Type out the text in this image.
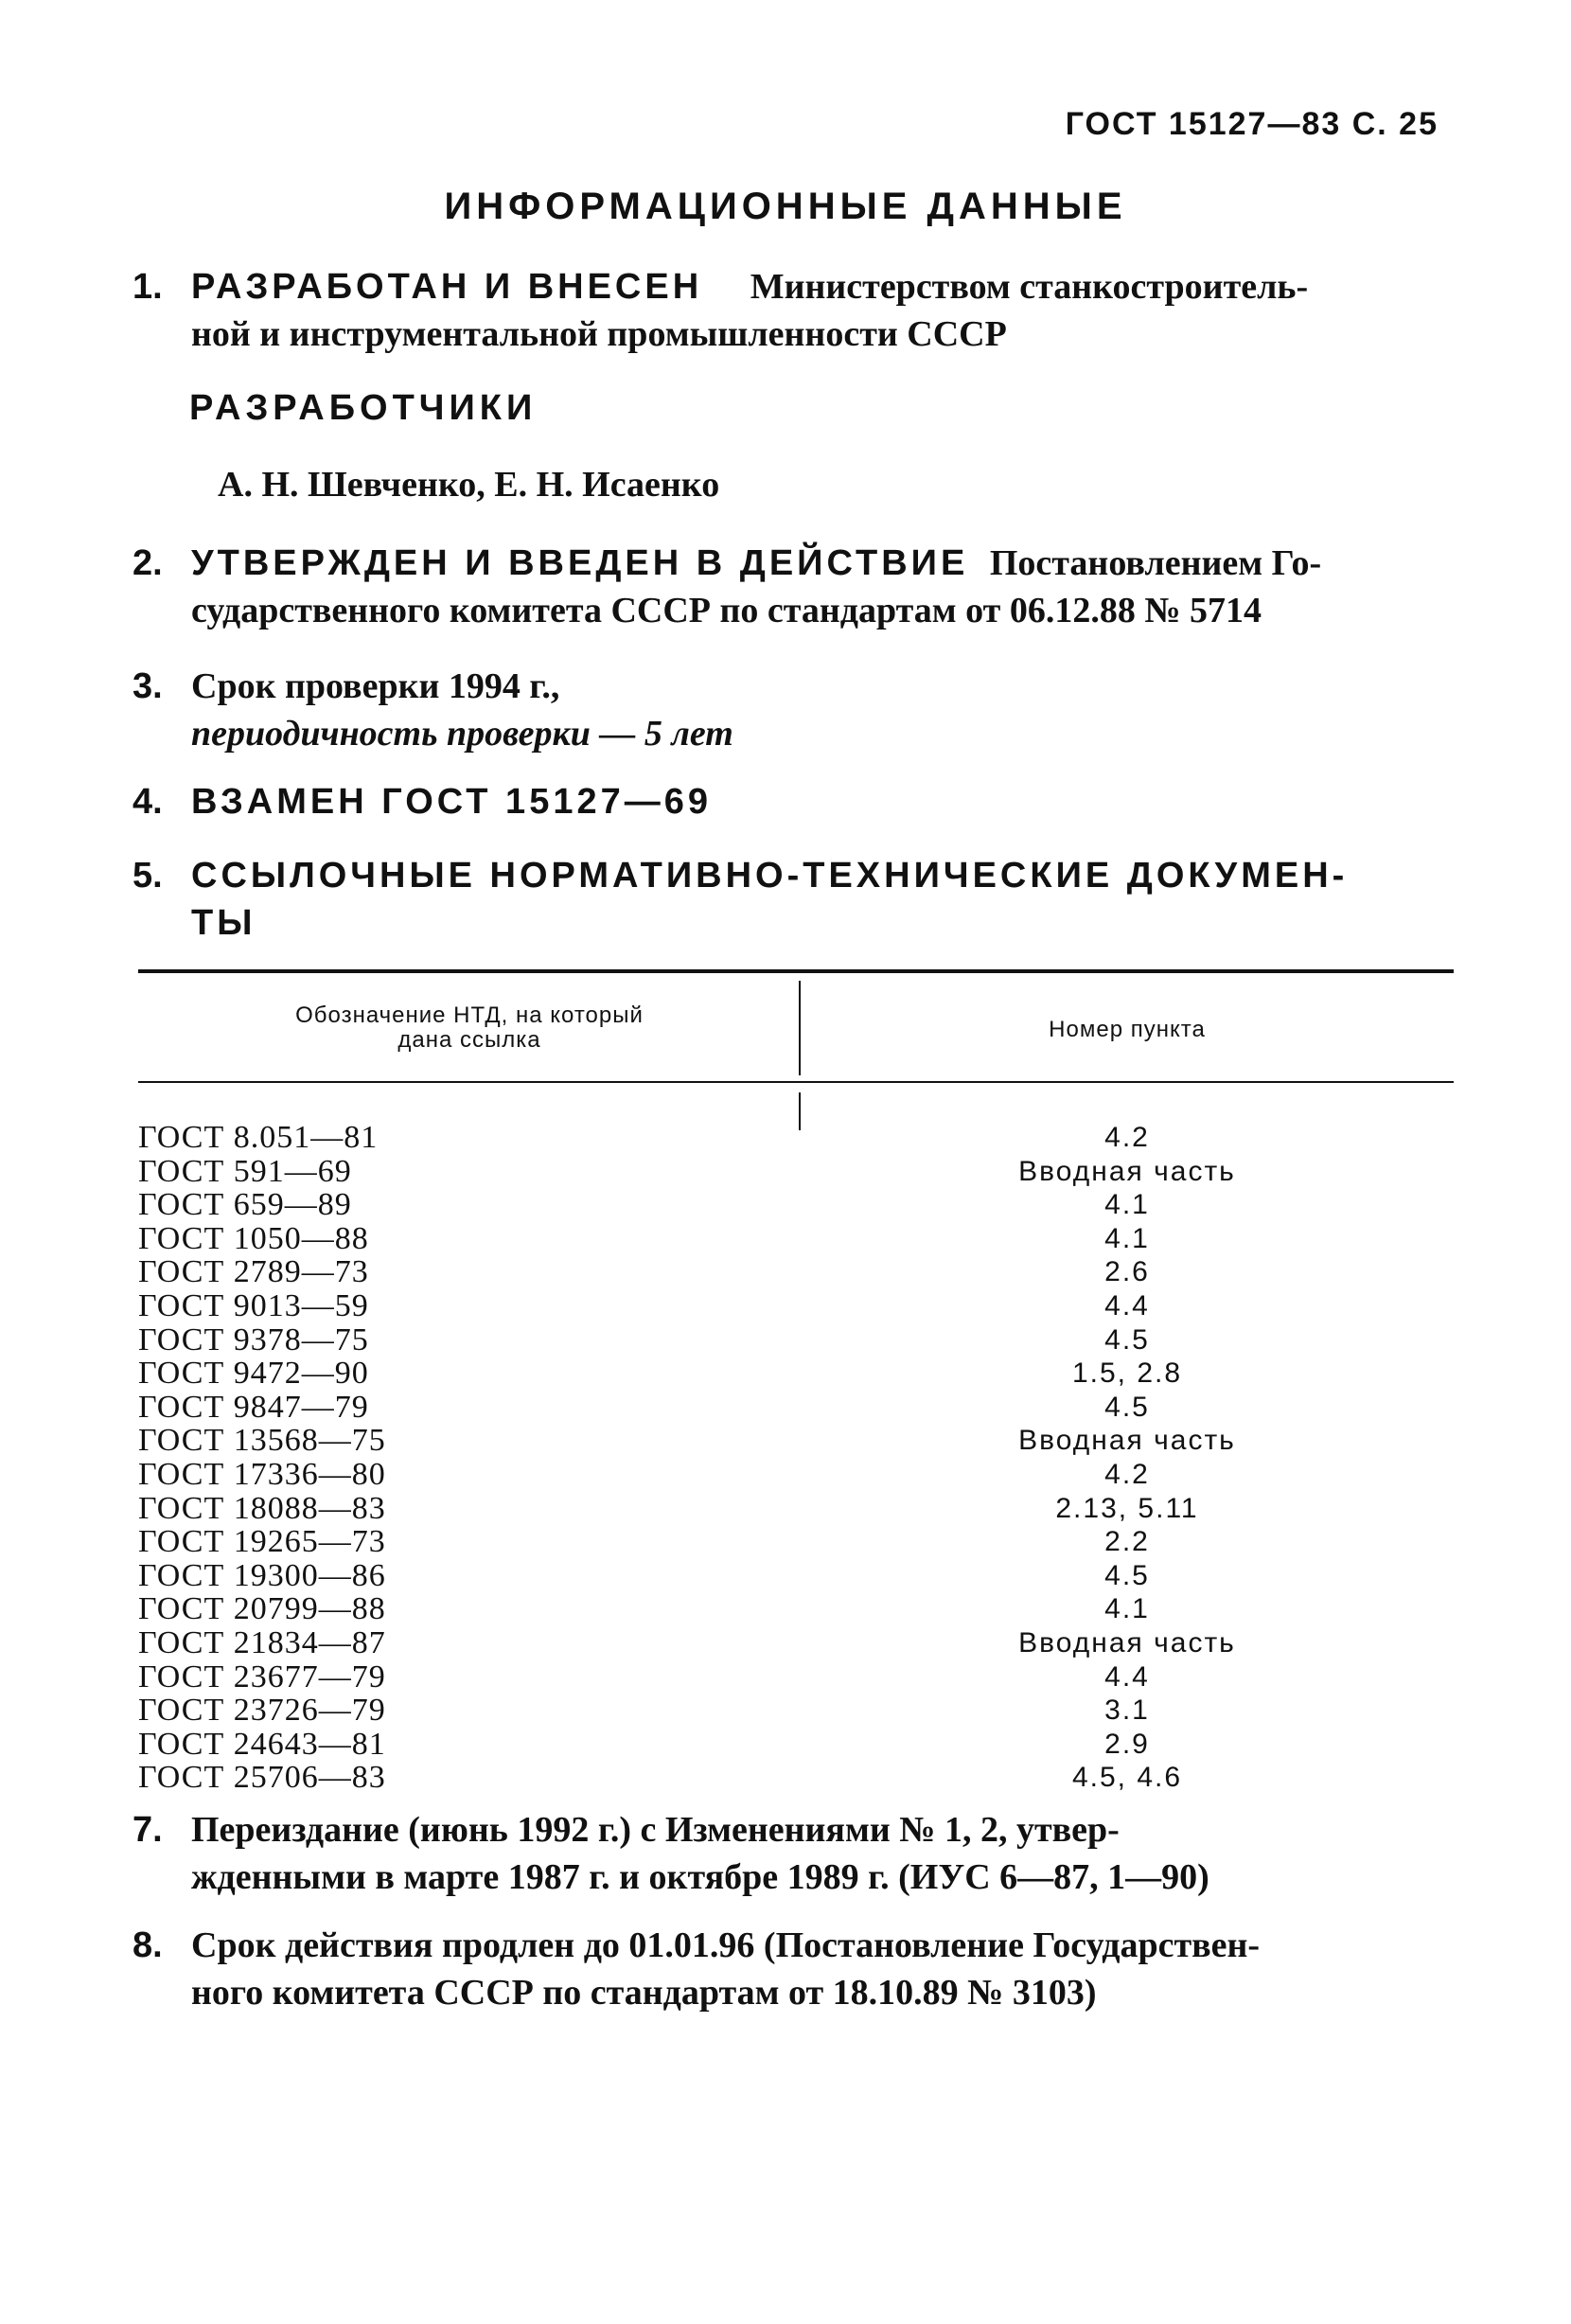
ГОСТ 15127—83 С. 25
ИНФОРМАЦИОННЫЕ ДАННЫЕ
1. РАЗРАБОТАН И ВНЕСЕН Министерством станкостроитель-
ной и инструментальной промышленности СССР
РАЗРАБОТЧИКИ
А. Н. Шевченко, Е. Н. Исаенко
2. УТВЕРЖДЕН И ВВЕДЕН В ДЕЙСТВИЕ Постановлением Го-
сударственного комитета СССР по стандартам от 06.12.88 № 5714
3. Срок проверки 1994 г.,
периодичность проверки — 5 лет
4. ВЗАМЕН ГОСТ 15127—69
5. ССЫЛОЧНЫЕ НОРМАТИВНО-ТЕХНИЧЕСКИЕ ДОКУМЕН-
ТЫ
Обозначение НТД, на который
дана ссылка	Номер пункта
ГОСТ 8.051—81	4.2
ГОСТ 591—69	Вводная часть
ГОСТ 659—89	4.1
ГОСТ 1050—88	4.1
ГОСТ 2789—73	2.6
ГОСТ 9013—59	4.4
ГОСТ 9378—75	4.5
ГОСТ 9472—90	1.5, 2.8
ГОСТ 9847—79	4.5
ГОСТ 13568—75	Вводная часть
ГОСТ 17336—80	4.2
ГОСТ 18088—83	2.13, 5.11
ГОСТ 19265—73	2.2
ГОСТ 19300—86	4.5
ГОСТ 20799—88	4.1
ГОСТ 21834—87	Вводная часть
ГОСТ 23677—79	4.4
ГОСТ 23726—79	3.1
ГОСТ 24643—81	2.9
ГОСТ 25706—83	4.5, 4.6
7. Переиздание (июнь 1992 г.) с Изменениями № 1, 2, утвер-
жденными в марте 1987 г. и октябре 1989 г. (ИУС 6—87, 1—90)
8. Срок действия продлен до 01.01.96 (Постановление Государствен-
ного комитета СССР по стандартам от 18.10.89 № 3103)
